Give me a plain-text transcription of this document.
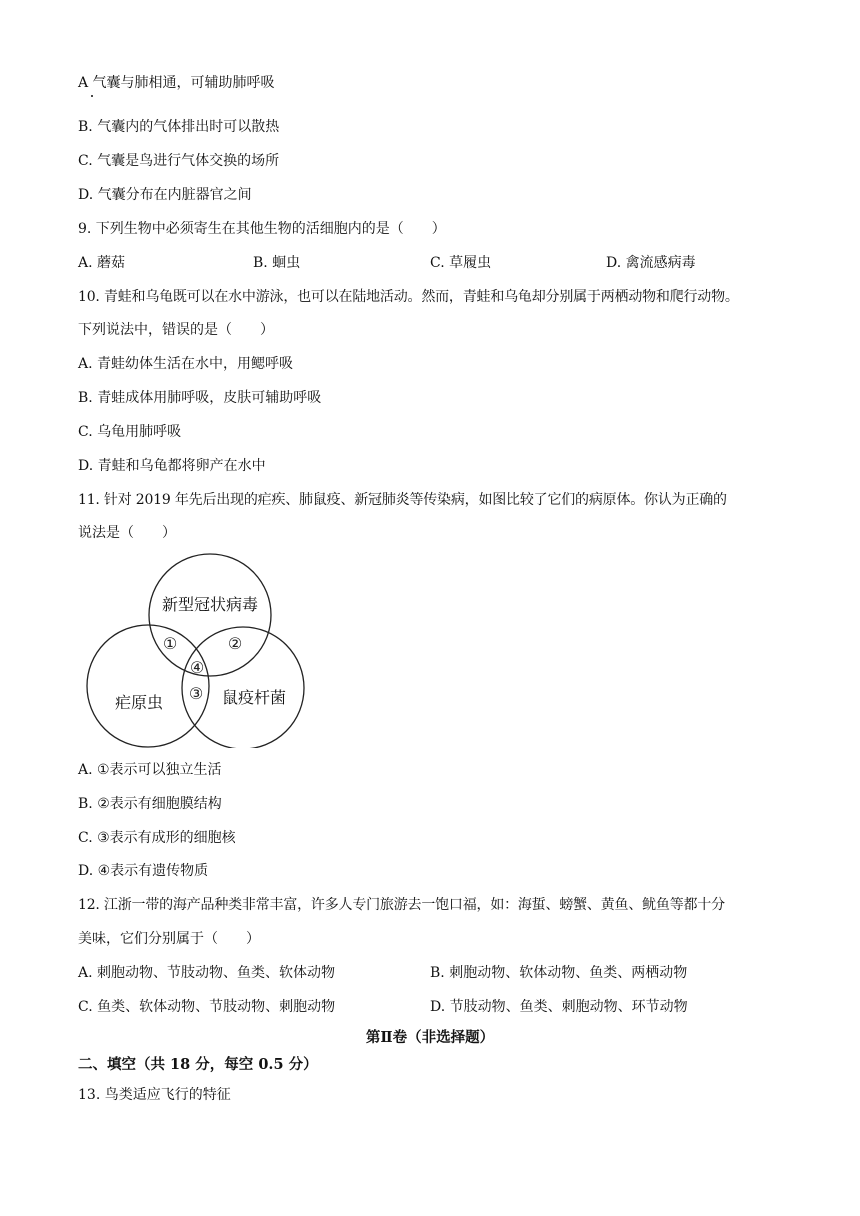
A 气囊与肺相通，可辅助肺呼吸
B. 气囊内的气体排出时可以散热
C. 气囊是鸟进行气体交换的场所
D. 气囊分布在内脏器官之间
9. 下列生物中必须寄生在其他生物的活细胞内的是（　　）
A. 蘑菇	B. 蛔虫	C. 草履虫	D. 禽流感病毒
10. 青蛙和乌龟既可以在水中游泳，也可以在陆地活动。然而，青蛙和乌龟却分别属于两栖动物和爬行动物。
下列说法中，错误的是（　　）
A. 青蛙幼体生活在水中，用鳃呼吸
B. 青蛙成体用肺呼吸，皮肤可辅助呼吸
C. 乌龟用肺呼吸
D. 青蛙和乌龟都将卵产在水中
11. 针对 2019 年先后出现的疟疾、肺鼠疫、新冠肺炎等传染病，如图比较了它们的病原体。你认为正确的
说法是（　　）
新型冠状病毒
疟原虫	鼠疫杆菌
①	②
④
③
A. ①表示可以独立生活
B. ②表示有细胞膜结构
C. ③表示有成形的细胞核
D. ④表示有遗传物质
12. 江浙一带的海产品种类非常丰富，许多人专门旅游去一饱口福，如：海蜇、螃蟹、黄鱼、鱿鱼等都十分
美味，它们分别属于（　　）
A. 刺胞动物、节肢动物、鱼类、软体动物	B. 刺胞动物、软体动物、鱼类、两栖动物
C. 鱼类、软体动物、节肢动物、刺胞动物	D. 节肢动物、鱼类、刺胞动物、环节动物
第Ⅱ卷（非选择题）
二、填空（共 18 分，每空 0.5 分）
13. 鸟类适应飞行的特征
